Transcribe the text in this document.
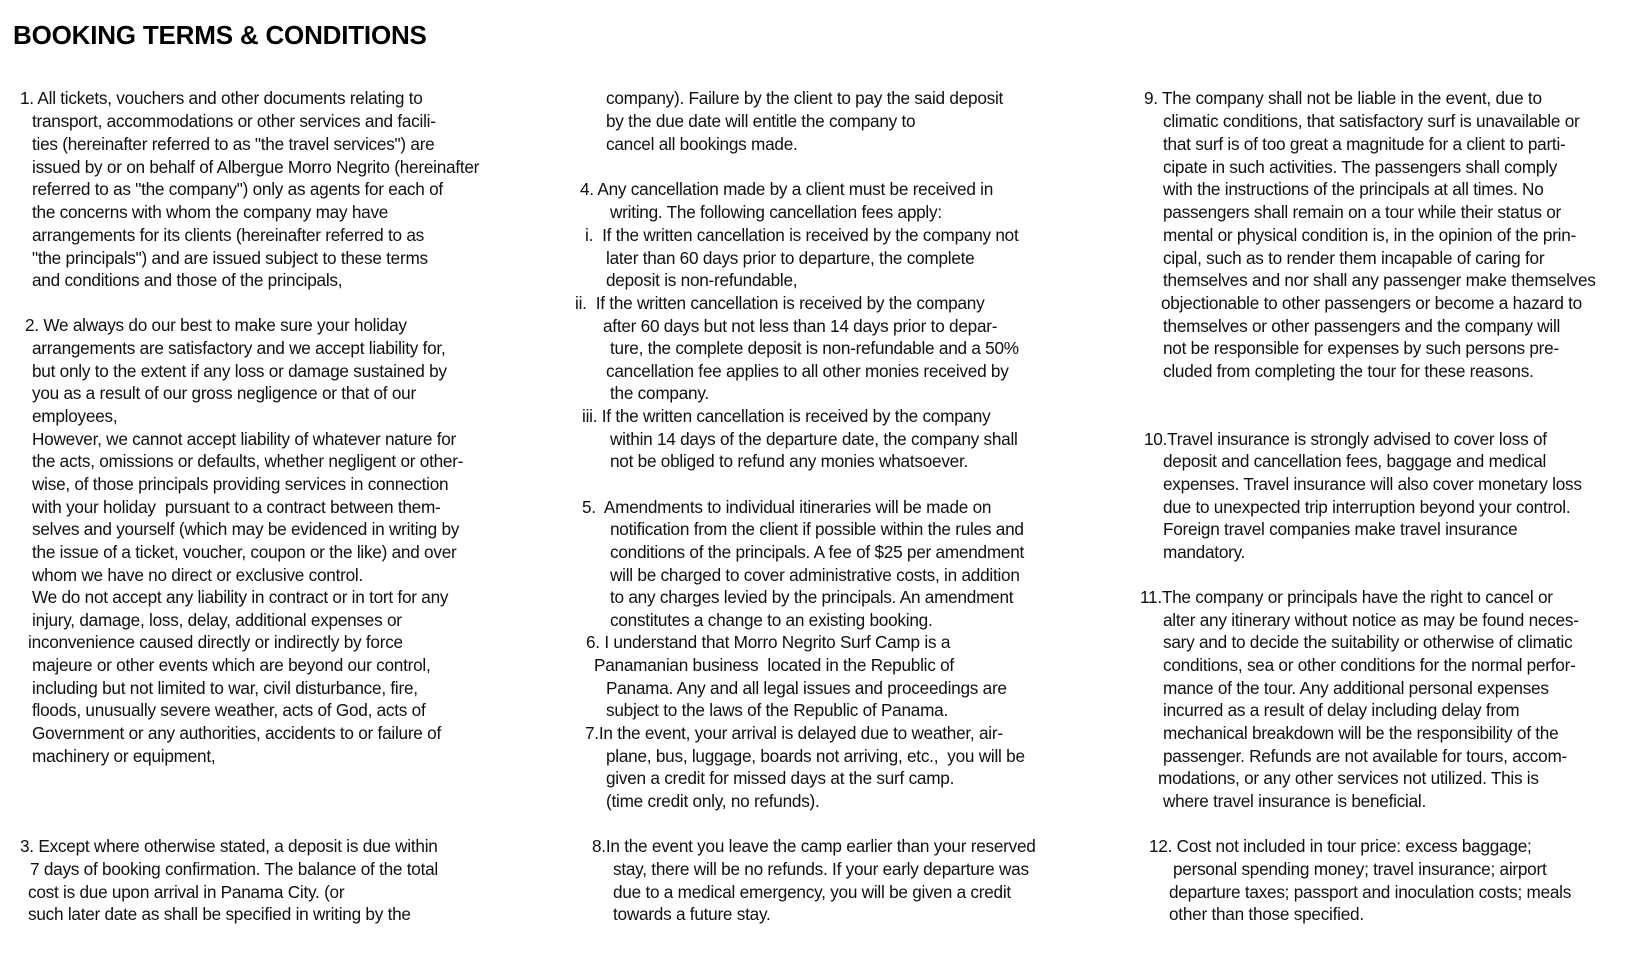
BOOKING TERMS & CONDITIONS
1. All tickets, vouchers and other documents relating to
transport, accommodations or other services and facili-
ties (hereinafter referred to as "the travel services") are
issued by or on behalf of Albergue Morro Negrito (hereinafter
referred to as "the company") only as agents for each of
the concerns with whom the company may have
arrangements for its clients (hereinafter referred to as
"the principals") and are issued subject to these terms
and conditions and those of the principals,
2. We always do our best to make sure your holiday
arrangements are satisfactory and we accept liability for,
but only to the extent if any loss or damage sustained by
you as a result of our gross negligence or that of our
employees,
However, we cannot accept liability of whatever nature for
the acts, omissions or defaults, whether negligent or other-
wise, of those principals providing services in connection
with your holiday  pursuant to a contract between them-
selves and yourself (which may be evidenced in writing by
the issue of a ticket, voucher, coupon or the like) and over
whom we have no direct or exclusive control.
We do not accept any liability in contract or in tort for any
injury, damage, loss, delay, additional expenses or
inconvenience caused directly or indirectly by force
majeure or other events which are beyond our control,
including but not limited to war, civil disturbance, fire,
floods, unusually severe weather, acts of God, acts of
Government or any authorities, accidents to or failure of
machinery or equipment,
3. Except where otherwise stated, a deposit is due within
7 days of booking confirmation. The balance of the total
cost is due upon arrival in Panama City. (or
such later date as shall be specified in writing by the
company). Failure by the client to pay the said deposit
by the due date will entitle the company to
cancel all bookings made.
4. Any cancellation made by a client must be received in
writing. The following cancellation fees apply:
i.  If the written cancellation is received by the company not
later than 60 days prior to departure, the complete
deposit is non-refundable,
ii.  If the written cancellation is received by the company
after 60 days but not less than 14 days prior to depar-
ture, the complete deposit is non-refundable and a 50%
cancellation fee applies to all other monies received by
the company.
iii. If the written cancellation is received by the company
within 14 days of the departure date, the company shall
not be obliged to refund any monies whatsoever.
5.  Amendments to individual itineraries will be made on
notification from the client if possible within the rules and
conditions of the principals. A fee of $25 per amendment
will be charged to cover administrative costs, in addition
to any charges levied by the principals. An amendment
constitutes a change to an existing booking.
6. I understand that Morro Negrito Surf Camp is a
Panamanian business  located in the Republic of
Panama. Any and all legal issues and proceedings are
subject to the laws of the Republic of Panama.
7.In the event, your arrival is delayed due to weather, air-
plane, bus, luggage, boards not arriving, etc.,  you will be
given a credit for missed days at the surf camp.
(time credit only, no refunds).
8.In the event you leave the camp earlier than your reserved
stay, there will be no refunds. If your early departure was
due to a medical emergency, you will be given a credit
towards a future stay.
9. The company shall not be liable in the event, due to
climatic conditions, that satisfactory surf is unavailable or
that surf is of too great a magnitude for a client to parti-
cipate in such activities. The passengers shall comply
with the instructions of the principals at all times. No
passengers shall remain on a tour while their status or
mental or physical condition is, in the opinion of the prin-
cipal, such as to render them incapable of caring for
themselves and nor shall any passenger make themselves
objectionable to other passengers or become a hazard to
themselves or other passengers and the company will
not be responsible for expenses by such persons pre-
cluded from completing the tour for these reasons.
10.Travel insurance is strongly advised to cover loss of
deposit and cancellation fees, baggage and medical
expenses. Travel insurance will also cover monetary loss
due to unexpected trip interruption beyond your control.
Foreign travel companies make travel insurance
mandatory.
11.The company or principals have the right to cancel or
alter any itinerary without notice as may be found neces-
sary and to decide the suitability or otherwise of climatic
conditions, sea or other conditions for the normal perfor-
mance of the tour. Any additional personal expenses
incurred as a result of delay including delay from
mechanical breakdown will be the responsibility of the
passenger. Refunds are not available for tours, accom-
modations, or any other services not utilized. This is
where travel insurance is beneficial.
12. Cost not included in tour price: excess baggage;
personal spending money; travel insurance; airport
departure taxes; passport and inoculation costs; meals
other than those specified.
